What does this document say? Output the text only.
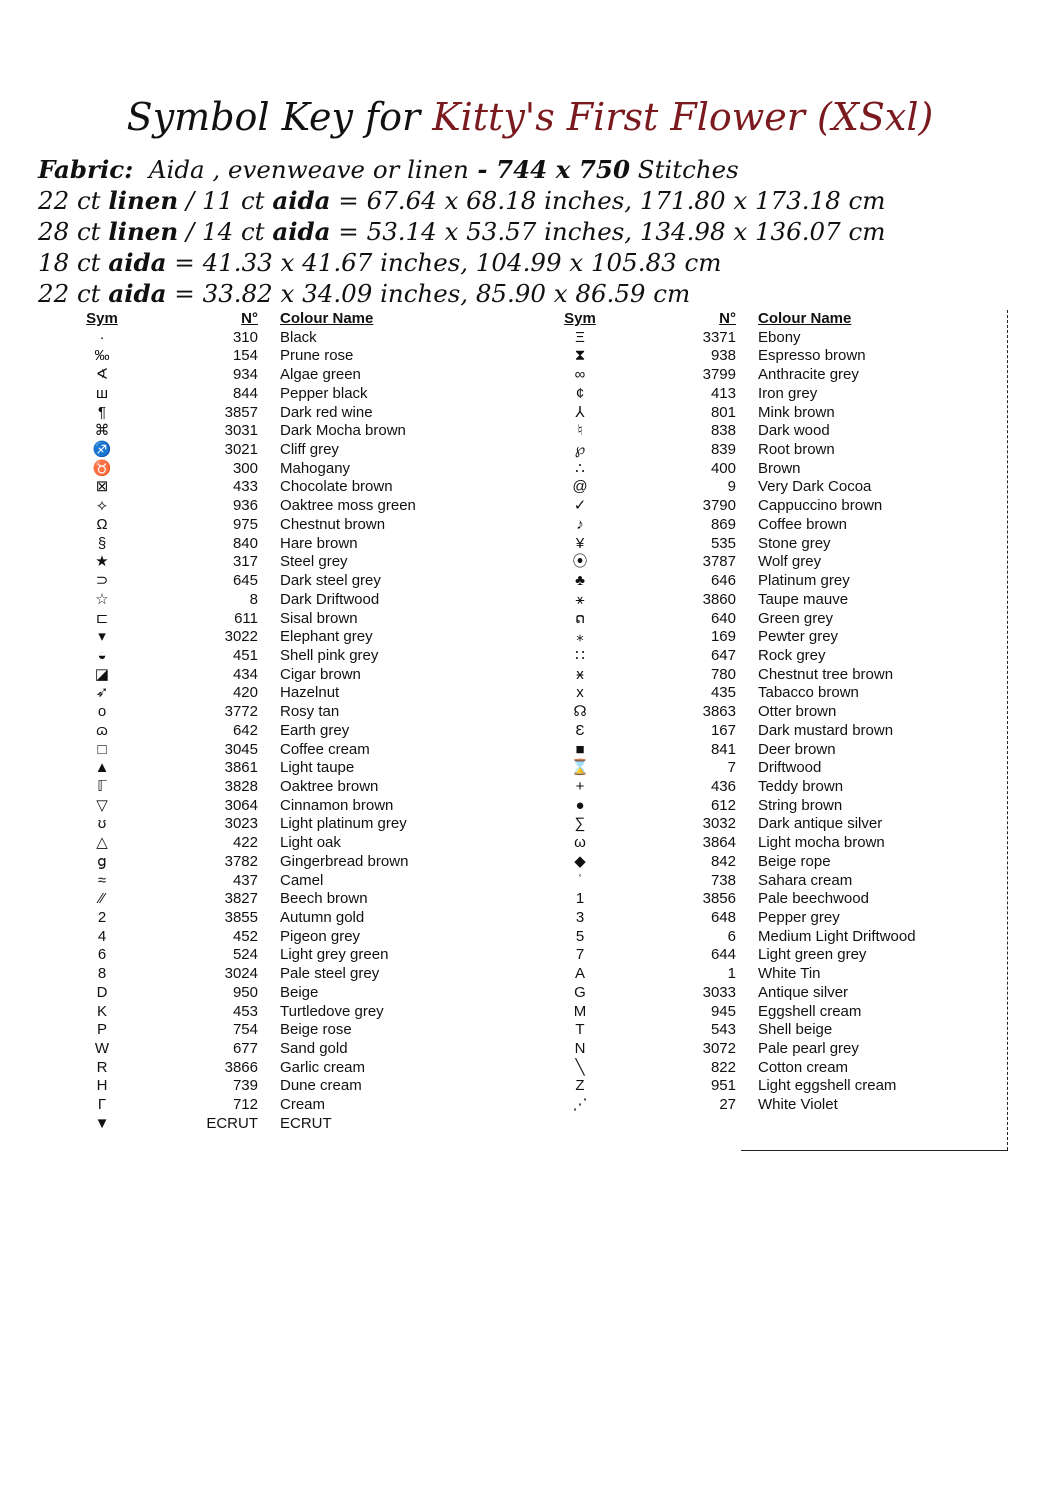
Symbol Key for Kitty's First Flower (XSxl)
Fabric: Aida , evenweave or linen - 744 x 750 Stitches
22 ct linen / 11 ct aida = 67.64 x 68.18 inches, 171.80 x 173.18 cm
28 ct linen / 14 ct aida = 53.14 x 53.57 inches, 134.98 x 136.07 cm
18 ct aida = 41.33 x 41.67 inches, 104.99 x 105.83 cm
22 ct aida = 33.82 x 34.09 inches, 85.90 x 86.59 cm
Sym	N°	Colour Name
·	310	Black
‰	154	Prune rose
∢	934	Algae green
ш	844	Pepper black
¶	3857	Dark red wine
⌘	3031	Dark Mocha brown
♐	3021	Cliff grey
♉	300	Mahogany
⊠	433	Chocolate brown
⟡	936	Oaktree moss green
Ω	975	Chestnut brown
§	840	Hare brown
★	317	Steel grey
⊃	645	Dark steel grey
☆	8	Dark Driftwood
⊏	611	Sisal brown
▾	3022	Elephant grey
◒	451	Shell pink grey
◪	434	Cigar brown
➶	420	Hazelnut
o	3772	Rosy tan
ɷ	642	Earth grey
□	3045	Coffee cream
▲	3861	Light taupe
ℾ	3828	Oaktree brown
▽	3064	Cinnamon brown
ʊ	3023	Light platinum grey
△	422	Light oak
ց	3782	Gingerbread brown
≈	437	Camel
⁄⁄	3827	Beech brown
2	3855	Autumn gold
4	452	Pigeon grey
6	524	Light grey green
8	3024	Pale steel grey
D	950	Beige
K	453	Turtledove grey
P	754	Beige rose
W	677	Sand gold
R	3866	Garlic cream
H	739	Dune cream
Γ	712	Cream
▼	ECRUT	ECRUT
Sym	N°	Colour Name
Ξ	3371	Ebony
⧗	938	Espresso brown
∞	3799	Anthracite grey
¢	413	Iron grey
⅄	801	Mink brown
♮	838	Dark wood
℘	839	Root brown
∴	400	Brown
@	9	Very Dark Cocoa
✓	3790	Cappuccino brown
♪	869	Coffee brown
¥	535	Stone grey
⦿	3787	Wolf grey
♣	646	Platinum grey
⚹	3860	Taupe mauve
ດ	640	Green grey
⁎	169	Pewter grey
∷	647	Rock grey
ӿ	780	Chestnut tree brown
x	435	Tabacco brown
☊	3863	Otter brown
Ɛ	167	Dark mustard brown
■	841	Deer brown
⌛	7	Driftwood
+	436	Teddy brown
●	612	String brown
∑	3032	Dark antique silver
ω	3864	Light mocha brown
◆	842	Beige rope
ʿ	738	Sahara cream
1	3856	Pale beechwood
3	648	Pepper grey
5	6	Medium Light Driftwood
7	644	Light green grey
A	1	White Tin
G	3033	Antique silver
M	945	Eggshell cream
T	543	Shell beige
N	3072	Pale pearl grey
╲	822	Cotton cream
Z	951	Light eggshell cream
⋰	27	White Violet
